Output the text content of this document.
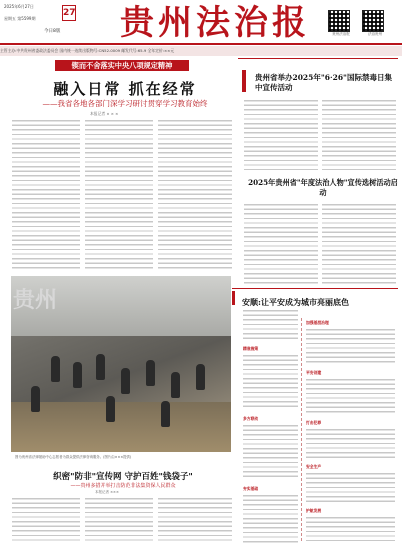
2025年6月27日
星期五 第5599期
27
今日8版 贵州法治报	贵州法治报	法治贵州
主管主办:中共贵州省委政法委员会 国内统一连续出版物号:CN52-0009 邮发代号:65-9 全年定价:××元
锲而不舍落实中央八项规定精神
融入日常 抓在经常
——我省各地各部门深学习研讨贯穿学习教育始终
本报记者 × × ×
贵州
图为贵州省法律援助中心志愿者为群众提供法律咨询服务。(图片由×××提供)
织密"防非"宣传网 守护百姓"钱袋子"
——贵州多措并举打击防范非法集资保人民群众
本报记者 ×××
贵州省举办2025年"6·26"国际禁毒日集中宣传活动
2025年贵州省"年度法治人物"宣传选树活动启动
安顺:让平安成为城市亮丽底色
精准施策
多方联动
夯实基础
加强基层治理
平安创建
打击犯罪
安全生产
护航发展
